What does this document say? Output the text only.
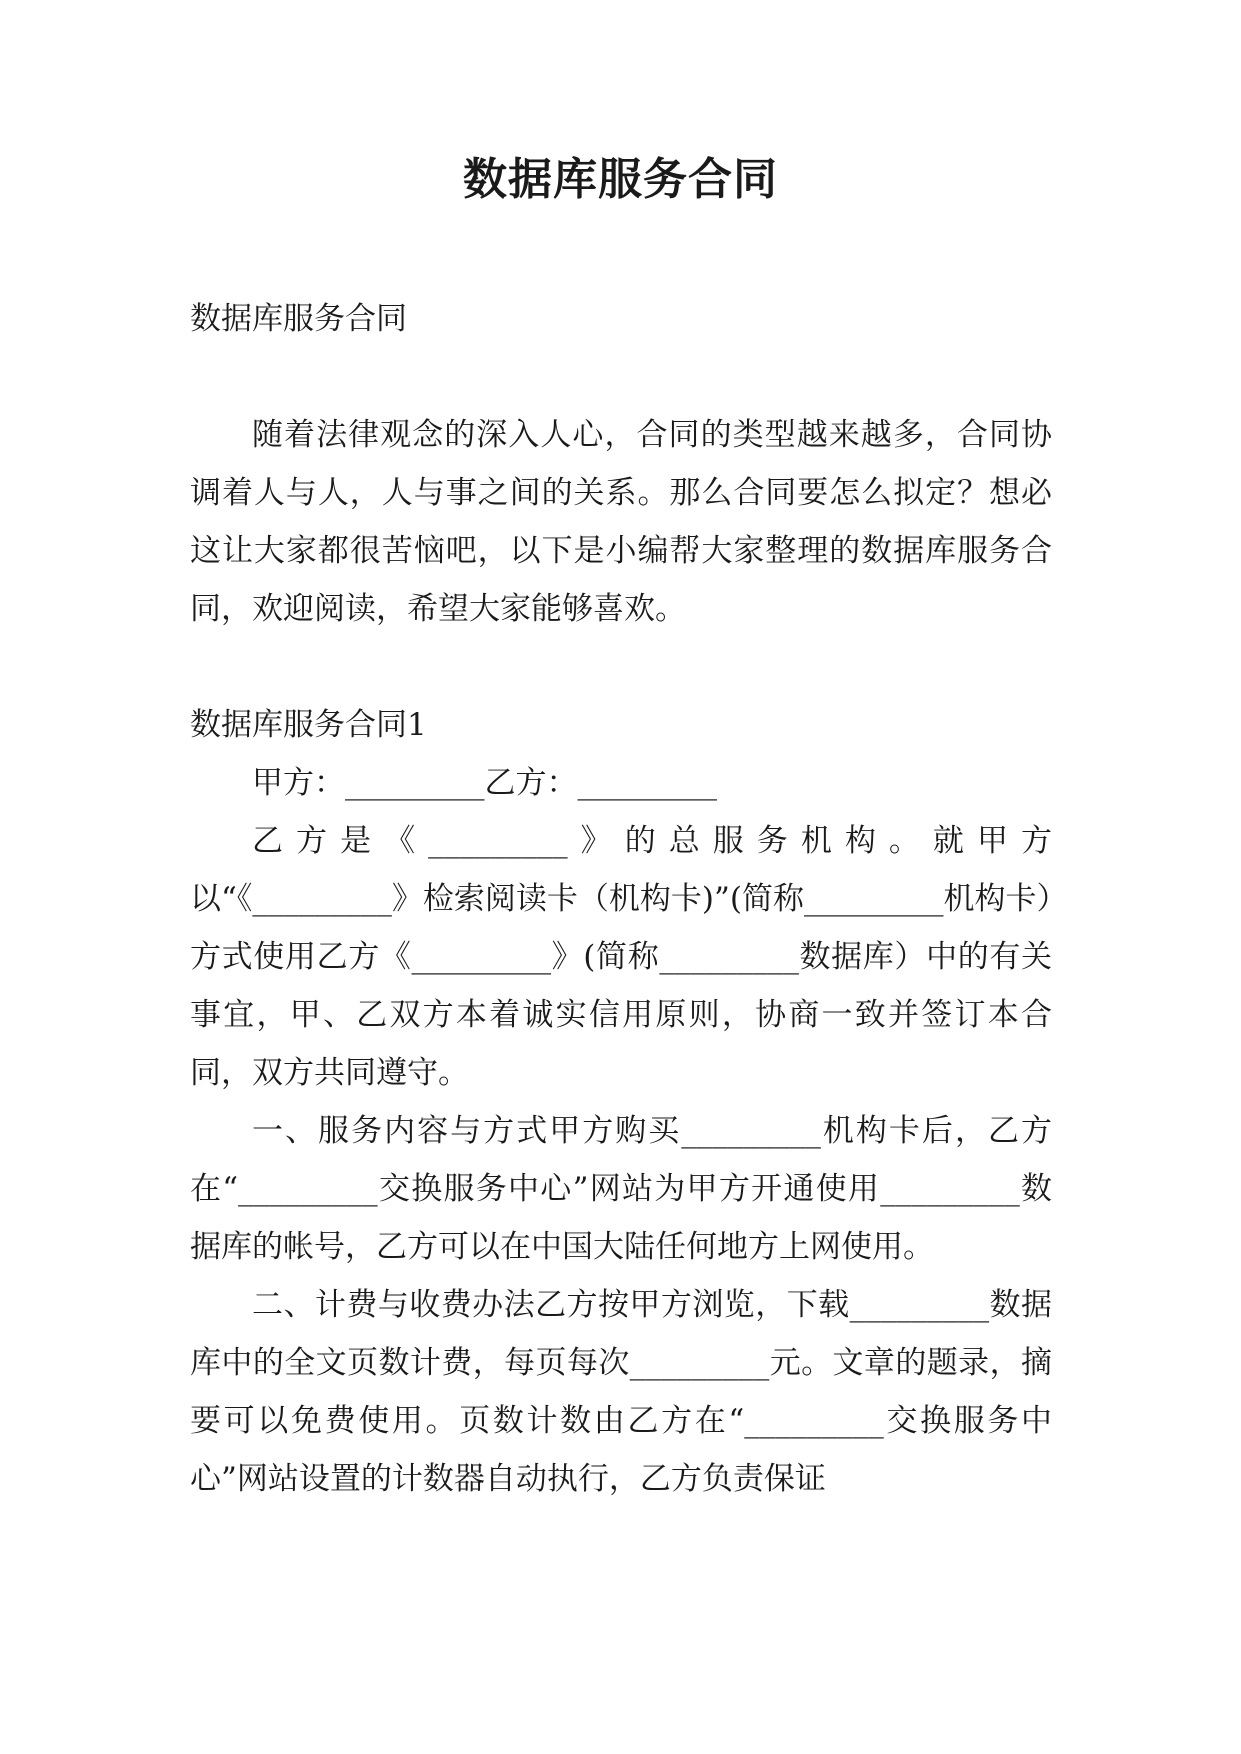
数据库服务合同

数据库服务合同

随着法律观念的深入人心，合同的类型越来越多，合同协调着人与人，人与事之间的关系。那么合同要怎么拟定？想必这让大家都很苦恼吧，以下是小编帮大家整理的数据库服务合同，欢迎阅读，希望大家能够喜欢。

数据库服务合同1

甲方：_________乙方：_________

乙方是《_________》的总服务机构。就甲方以“《_________》检索阅读卡（机构卡)”(简称_________机构卡）方式使用乙方《_________》(简称_________数据库）中的有关事宜，甲、乙双方本着诚实信用原则，协商一致并签订本合同，双方共同遵守。

一、服务内容与方式甲方购买_________机构卡后，乙方在“_________交换服务中心”网站为甲方开通使用_________数据库的帐号，乙方可以在中国大陆任何地方上网使用。

二、计费与收费办法乙方按甲方浏览，下载_________数据库中的全文页数计费，每页每次_________元。文章的题录，摘要可以免费使用。页数计数由乙方在“_________交换服务中心”网站设置的计数器自动执行，乙方负责保证
